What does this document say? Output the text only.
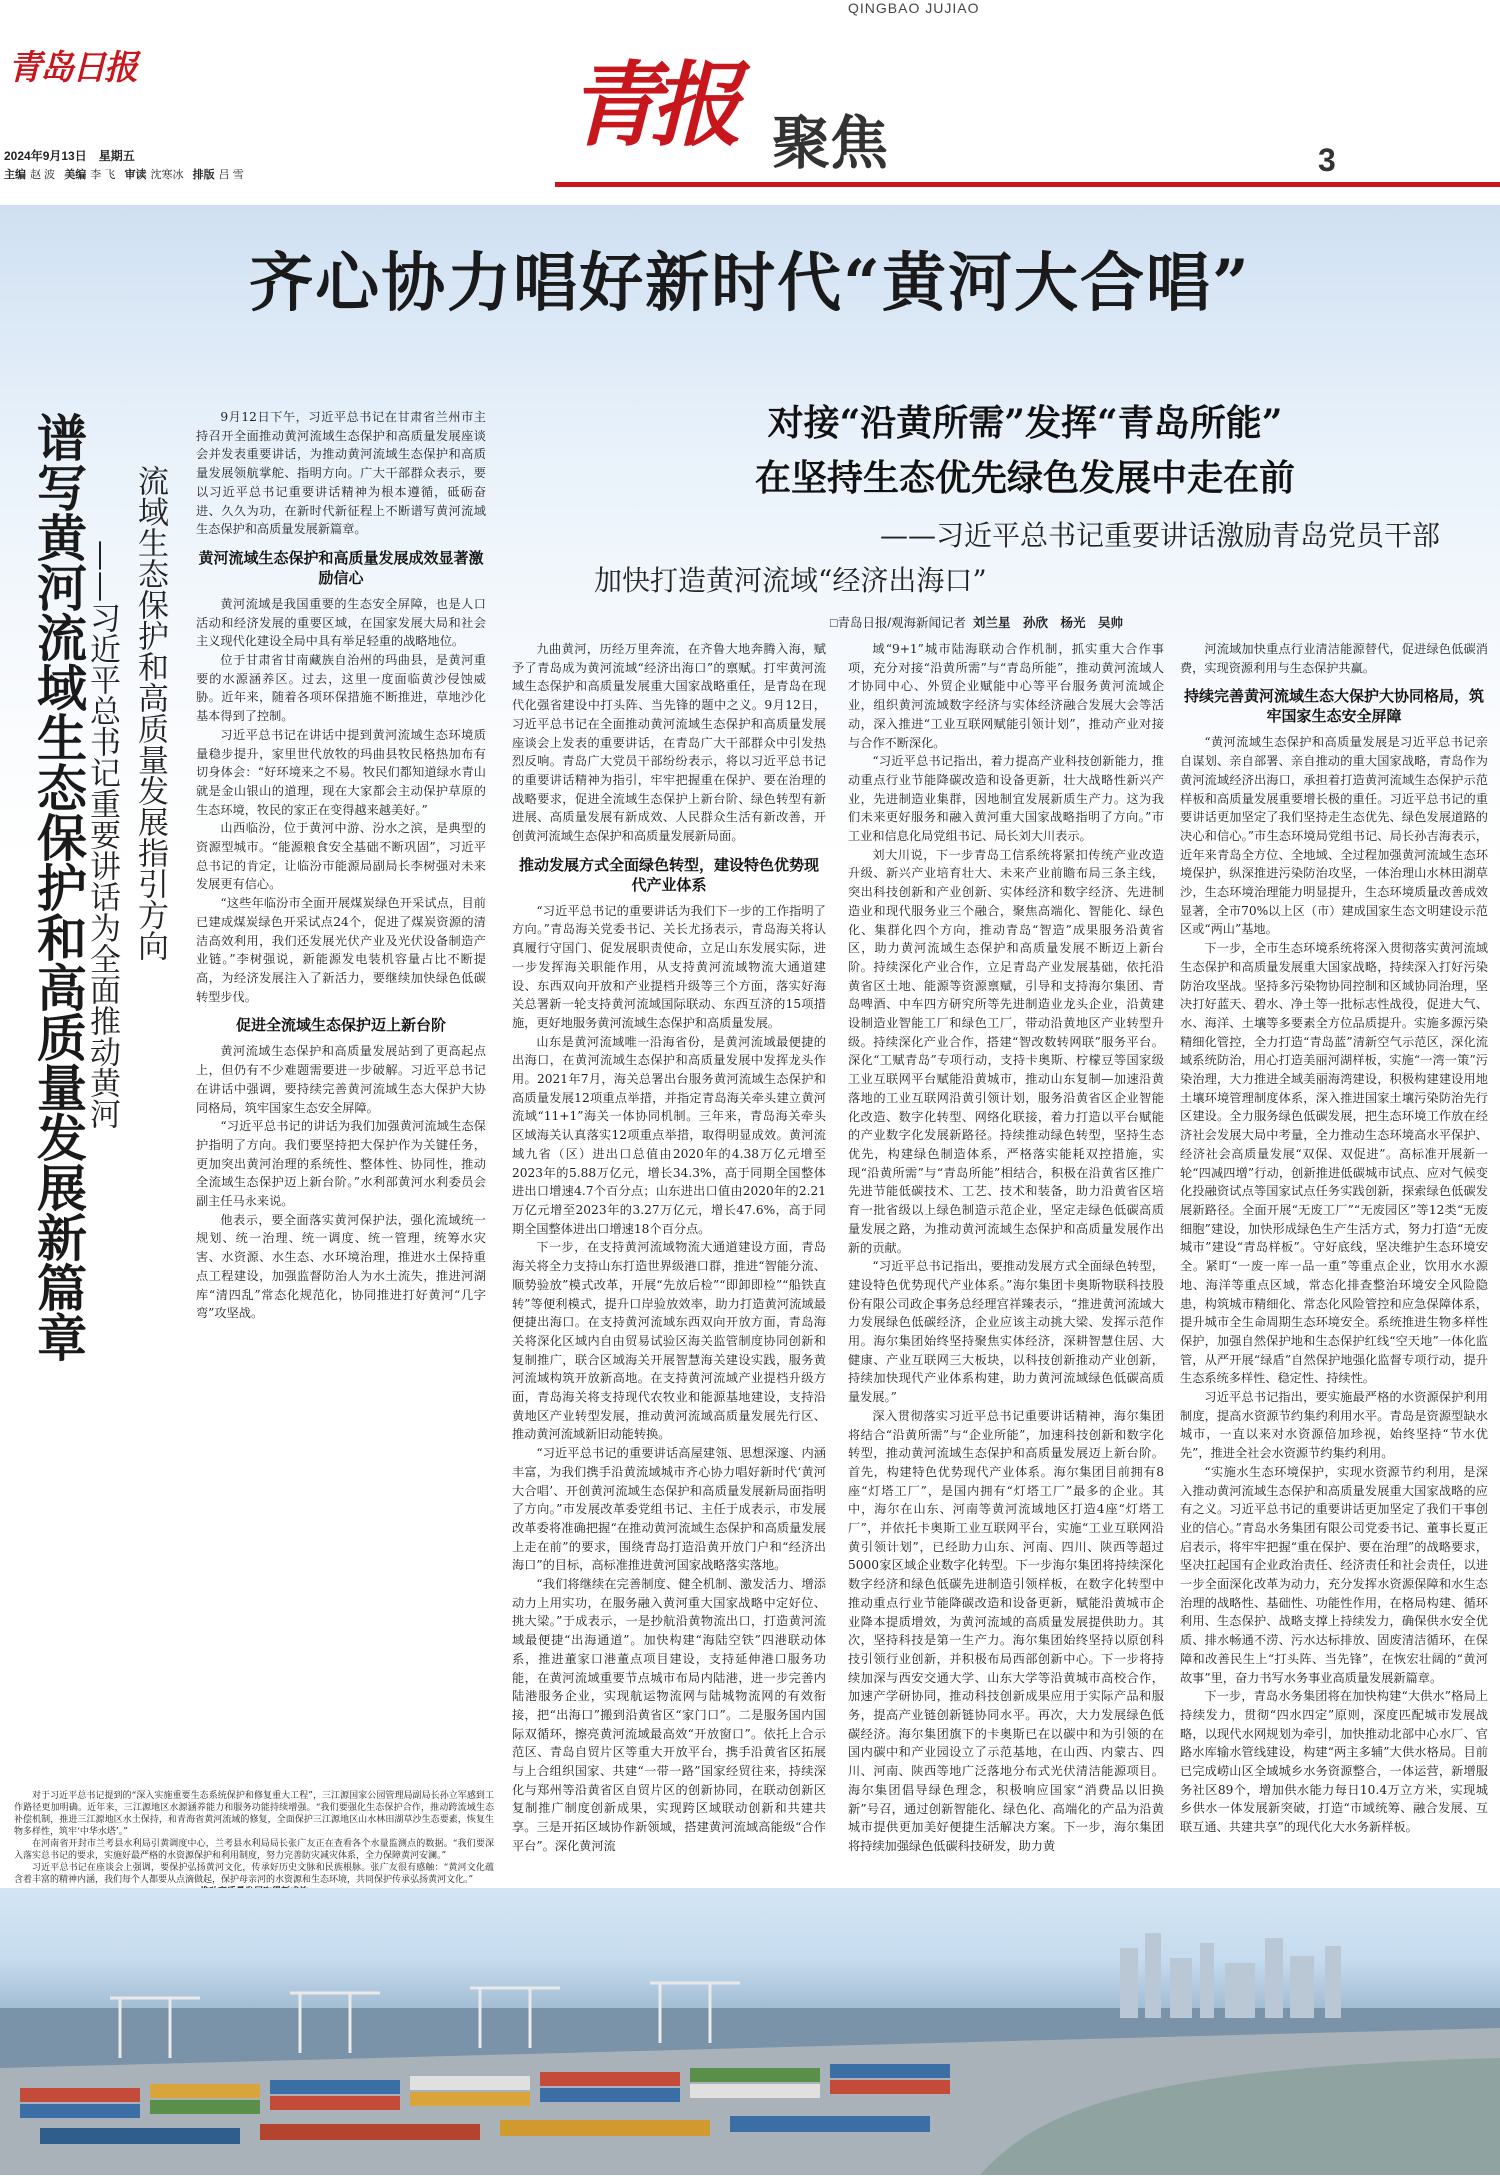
QINGBAO JUJIAO
青岛日报	青报 聚焦	3
2024年9月13日　星期五
主编 赵 波 美编 李 飞 审读 沈寒冰 排版 吕 雪
齐心协力唱好新时代“黄河大合唱”
谱写黄河流域生态保护和高质量发展新篇章 流域生态保护和高质量发展指引方向
——习近平总书记重要讲话为全面推动黄河

9月12日下午，习近平总书记在甘肃省兰州市主持召开全面推动黄河流域生态保护和高质量发展座谈会并发表重要讲话，为推动黄河流域生态保护和高质量发展领航掌舵、指明方向。广大干部群众表示，要以习近平总书记重要讲话精神为根本遵循，砥砺奋进、久久为功，在新时代新征程上不断谱写黄河流域生态保护和高质量发展新篇章。

黄河流域生态保护和高质量发展成效显著激励信心

黄河流域是我国重要的生态安全屏障，也是人口活动和经济发展的重要区域，在国家发展大局和社会主义现代化建设全局中具有举足轻重的战略地位。

位于甘肃省甘南藏族自治州的玛曲县，是黄河重要的水源涵养区。过去，这里一度面临黄沙侵蚀威胁。近年来，随着各项环保措施不断推进，草地沙化基本得到了控制。

习近平总书记在讲话中提到黄河流域生态环境质量稳步提升，家里世代放牧的玛曲县牧民格热加布有切身体会：“好环境来之不易。牧民们都知道绿水青山就是金山银山的道理，现在大家都会主动保护草原的生态环境，牧民的家正在变得越来越美好。”

山西临汾，位于黄河中游、汾水之滨，是典型的资源型城市。“能源粮食安全基础不断巩固”，习近平总书记的肯定，让临汾市能源局副局长李树强对未来发展更有信心。

“这些年临汾市全面开展煤炭绿色开采试点，目前已建成煤炭绿色开采试点24个，促进了煤炭资源的清洁高效利用，我们还发展光伏产业及光伏设备制造产业链。”李树强说，新能源发电装机容量占比不断提高，为经济发展注入了新活力，要继续加快绿色低碳转型步伐。

促进全流域生态保护迈上新台阶

黄河流域生态保护和高质量发展站到了更高起点上，但仍有不少难题需要进一步破解。习近平总书记在讲话中强调，要持续完善黄河流域生态大保护大协同格局，筑牢国家生态安全屏障。

“习近平总书记的讲话为我们加强黄河流域生态保护指明了方向。我们要坚持把大保护作为关键任务，更加突出黄河治理的系统性、整体性、协同性，推动全流域生态保护迈上新台阶。”水利部黄河水利委员会副主任马永来说。

他表示，要全面落实黄河保护法，强化流域统一规划、统一治理、统一调度、统一管理，统筹水灾害、水资源、水生态、水环境治理，推进水土保持重点工程建设，加强监督防治人为水土流失，推进河湖库“清四乱”常态化规范化，协同推进打好黄河“几字弯”攻坚战。

对于习近平总书记提到的“深入实施重要生态系统保护和修复重大工程”，三江源国家公园管理局副局长孙立军感到工作路径更加明确。近年来，三江源地区水源涵养能力和服务功能持续增强。“我们要强化生态保护合作，推动跨流域生态补偿机制，推进三江源地区水土保持，和青海省黄河流域的修复，全面保护三江源地区山水林田湖草沙生态要素，恢复生物多样性，筑牢‘中华水塔’。”

在河南省开封市兰考县水利局引黄调度中心，兰考县水利局局长张广友正在查看各个水量监测点的数据。“我们要深入落实总书记的要求，实施好最严格的水资源保护和利用制度，努力完善防灾减灾体系，全力保障黄河安澜。”

习近平总书记在座谈会上强调，要保护弘扬黄河文化，传承好历史文脉和民族根脉。张广友很有感触：“黄河文化蕴含着丰富的精神内涵，我们每个人都要从点滴做起，保护母亲河的水资源和生态环境，共同保护传承弘扬黄河文化。”

对接“沿黄所需”发挥“青岛所能”
在坚持生态优先绿色发展中走在前
——习近平总书记重要讲话激励青岛党员干部
加快打造黄河流域“经济出海口”
□青岛日报/观海新闻记者 刘兰星　孙欣　杨光　吴帅

九曲黄河，历经万里奔流，在齐鲁大地奔腾入海，赋予了青岛成为黄河流域“经济出海口”的禀赋。打牢黄河流域生态保护和高质量发展重大国家战略重任，是青岛在现代化强省建设中打头阵、当先锋的题中之义。9月12日，习近平总书记在全面推动黄河流域生态保护和高质量发展座谈会上发表的重要讲话，在青岛广大干部群众中引发热烈反响。青岛广大党员干部纷纷表示，将以习近平总书记的重要讲话精神为指引，牢牢把握重在保护、要在治理的战略要求，促进全流域生态保护上新台阶、绿色转型有新进展、高质量发展有新成效、人民群众生活有新改善，开创黄河流域生态保护和高质量发展新局面。

推动发展方式全面绿色转型，建设特色优势现代产业体系

“习近平总书记的重要讲话为我们下一步的工作指明了方向。”青岛海关党委书记、关长尤扬表示，青岛海关将认真履行守国门、促发展职责使命，立足山东发展实际，进一步发挥海关职能作用，从支持黄河流域物流大通道建设、东西双向开放和产业提档升级等三个方面，落实好海关总署新一轮支持黄河流域国际联动、东西互济的15项措施，更好地服务黄河流域生态保护和高质量发展。

山东是黄河流域唯一沿海省份，是黄河流域最便捷的出海口，在黄河流域生态保护和高质量发展中发挥龙头作用。2021年7月，海关总署出台服务黄河流域生态保护和高质量发展12项重点举措，并指定青岛海关牵头建立黄河流域“11+1”海关一体协同机制。三年来，青岛海关牵头区域海关认真落实12项重点举措，取得明显成效。黄河流域九省（区）进出口总值由2020年的4.38万亿元增至2023年的5.88万亿元，增长34.3%，高于同期全国整体进出口增速4.7个百分点；山东进出口值由2020年的2.21万亿元增至2023年的3.27万亿元，增长47.6%，高于同期全国整体进出口增速18个百分点。

下一步，在支持黄河流域物流大通道建设方面，青岛海关将全力支持山东打造世界级港口群，推进“智能分流、顺势验放”模式改革，开展“先放后检”“即卸即检”“船铁直转”等便利模式，提升口岸验放效率，助力打造黄河流域最便捷出海口。在支持黄河流域东西双向开放方面，青岛海关将深化区域内自由贸易试验区海关监管制度协同创新和复制推广，联合区域海关开展智慧海关建设实践，服务黄河流域构筑开放新高地。在支持黄河流域产业提档升级方面，青岛海关将支持现代农牧业和能源基地建设，支持沿黄地区产业转型发展，推动黄河流域高质量发展先行区、推动黄河流域新旧动能转换。

“习近平总书记的重要讲话高屋建瓴、思想深邃、内涵丰富，为我们携手沿黄流域城市齐心协力唱好新时代‘黄河大合唱’、开创黄河流域生态保护和高质量发展新局面指明了方向。”市发展改革委党组书记、主任于成表示，市发展改革委将准确把握“在推动黄河流域生态保护和高质量发展上走在前”的要求，围绕青岛打造沿黄开放门户和“经济出海口”的目标，高标准推进黄河国家战略落实落地。

“我们将继续在完善制度、健全机制、激发活力、增添动力上用实功，在服务融入黄河重大国家战略中定好位、挑大梁。”于成表示，一是抄航沿黄物流出口，打造黄河流域最便捷“出海通道”。加快构建“海陆空铁”四港联动体系，推进董家口港董点项目建设，支持延伸港口服务功能，在黄河流域重要节点城市布局内陆港，进一步完善内陆港服务企业，实现航运物流网与陆城物流网的有效衔接，把“出海口”搬到沿黄省区“家门口”。二是服务国内国际双循环，擦亮黄河流域最高效“开放窗口”。依托上合示范区、青岛自贸片区等重大开放平台，携手沿黄省区拓展与上合组织国家、共建“一带一路”国家经贸往来，持续深化与郑州等沿黄省区自贸片区的创新协同，在联动创新区复制推广制度创新成果，实现跨区域联动创新和共建共享。三是开拓区域协作新领域，搭建黄河流域高能级“合作平台”。深化黄河流

域“9+1”城市陆海联动合作机制，抓实重大合作事项，充分对接“沿黄所需”与“青岛所能”，推动黄河流域人才协同中心、外贸企业赋能中心等平台服务黄河流域企业，组织黄河流域数字经济与实体经济融合发展大会等活动，深入推进“工业互联网赋能引领计划”，推动产业对接与合作不断深化。

“习近平总书记指出，着力提高产业科技创新能力，推动重点行业节能降碳改造和设备更新，壮大战略性新兴产业，先进制造业集群，因地制宜发展新质生产力。这为我们未来更好服务和融入黄河重大国家战略指明了方向。”市工业和信息化局党组书记、局长刘大川表示。

刘大川说，下一步青岛工信系统将紧扣传统产业改造升级、新兴产业培育壮大、未来产业前瞻布局三条主线，突出科技创新和产业创新、实体经济和数字经济、先进制造业和现代服务业三个融合，聚焦高端化、智能化、绿色化、集群化四个方向，推动青岛“智造”成果服务沿黄省区，助力黄河流域生态保护和高质量发展不断迈上新台阶。持续深化产业合作，立足青岛产业发展基础，依托沿黄省区土地、能源等资源禀赋，引导和支持海尔集团、青岛啤酒、中车四方研究所等先进制造业龙头企业，沿黄建设制造业智能工厂和绿色工厂，带动沿黄地区产业转型升级。持续深化产业合作，搭建“智改数转网联”服务平台。深化“工赋青岛”专项行动，支持卡奥斯、柠檬豆等国家级工业互联网平台赋能沿黄城市，推动山东复制—加速沿黄落地的工业互联网沿黄引领计划，服务沿黄省区企业智能化改造、数字化转型、网络化联接，着力打造以平台赋能的产业数字化发展新路径。持续推动绿色转型，坚持生态优先，构建绿色制造体系，严格落实能耗双控措施，实现“沿黄所需”与“青岛所能”相结合，积极在沿黄省区推广先进节能低碳技术、工艺、技术和装备，助力沿黄省区培育一批省级以上绿色制造示范企业，坚定走绿色低碳高质量发展之路，为推动黄河流域生态保护和高质量发展作出新的贡献。

“习近平总书记指出，要推动发展方式全面绿色转型，建设特色优势现代产业体系。”海尔集团卡奥斯物联科技股份有限公司政企事务总经理宫祥臻表示，“推进黄河流域大力发展绿色低碳经济，企业应该主动挑大梁、发挥示范作用。海尔集团始终坚持聚焦实体经济，深耕智慧住居、大健康、产业互联网三大板块，以科技创新推动产业创新，持续加快现代产业体系构建，助力黄河流域绿色低碳高质量发展。”

深入贯彻落实习近平总书记重要讲话精神，海尔集团将结合“沿黄所需”与“企业所能”，加速科技创新和数字化转型，推动黄河流域生态保护和高质量发展迈上新台阶。首先，构建特色优势现代产业体系。海尔集团目前拥有8座“灯塔工厂”，是国内拥有“灯塔工厂”最多的企业。其中，海尔在山东、河南等黄河流域地区打造4座“灯塔工厂”，并依托卡奥斯工业互联网平台，实施“工业互联网沿黄引领计划”，已经助力山东、河南、四川、陕西等超过5000家区域企业数字化转型。下一步海尔集团将持续深化数字经济和绿色低碳先进制造引领样板，在数字化转型中推动重点行业节能降碳改造和设备更新，赋能沿黄城市企业降本提质增效，为黄河流域的高质量发展提供助力。其次，坚持科技是第一生产力。海尔集团始终坚持以原创科技引领行业创新，并积极布局西部创新中心。下一步将持续加深与西安交通大学、山东大学等沿黄城市高校合作，加速产学研协同，推动科技创新成果应用于实际产品和服务，提高产业链创新链协同水平。再次，大力发展绿色低碳经济。海尔集团旗下的卡奥斯已在以碳中和为引领的在国内碳中和产业园设立了示范基地，在山西、内蒙古、四川、河南、陕西等地广泛落地分布式光伏清洁能源项目。海尔集团倡导绿色理念，积极响应国家“消费品以旧换新”号召，通过创新智能化、绿色化、高端化的产品为沿黄城市提供更加美好便捷生活解决方案。下一步，海尔集团将持续加强绿色低碳科技研发，助力黄

河流域加快重点行业清洁能源替代，促进绿色低碳消费，实现资源利用与生态保护共赢。

持续完善黄河流域生态大保护大协同格局，筑牢国家生态安全屏障

“黄河流域生态保护和高质量发展是习近平总书记亲自谋划、亲自部署、亲自推动的重大国家战略，青岛作为黄河流域经济出海口，承担着打造黄河流域生态保护示范样板和高质量发展重要增长极的重任。习近平总书记的重要讲话更加坚定了我们坚持走生态优先、绿色发展道路的决心和信心。”市生态环境局党组书记、局长孙吉海表示，近年来青岛全方位、全地域、全过程加强黄河流域生态环境保护，纵深推进污染防治攻坚，一体治理山水林田湖草沙，生态环境治理能力明显提升，生态环境质量改善成效显著，全市70%以上区（市）建成国家生态文明建设示范区或“两山”基地。

下一步，全市生态环境系统将深入贯彻落实黄河流域生态保护和高质量发展重大国家战略，持续深入打好污染防治攻坚战。坚持多污染物协同控制和区域协同治理，坚决打好蓝天、碧水、净土等一批标志性战役，促进大气、水、海洋、土壤等多要素全方位品质提升。实施多源污染精细化管控，全力打造“青岛蓝”清新空气示范区，深化流域系统防治，用心打造美丽河湖样板，实施“一湾一策”污染治理，大力推进全域美丽海湾建设，积极构建建设用地土壤环境管理制度体系，深入推进国家土壤污染防治先行区建设。全力服务绿色低碳发展，把生态环境工作放在经济社会发展大局中考量，全力推动生态环境高水平保护、经济社会高质量发展“双保、双促进”。高标准开展新一轮“四减四增”行动，创新推进低碳城市试点、应对气候变化投融资试点等国家试点任务实践创新，探索绿色低碳发展新路径。全面开展“无废工厂”“无废园区”等12类“无废细胞”建设，加快形成绿色生产生活方式，努力打造“无废城市”建设“青岛样板”。守好底线，坚决维护生态环境安全。紧盯“一废一库一品一重”等重点企业，饮用水水源地、海洋等重点区域，常态化排查整治环境安全风险隐患，构筑城市精细化、常态化风险管控和应急保障体系，提升城市全生命周期生态环境安全。系统推进生物多样性保护，加强自然保护地和生态保护红线“空天地”一体化监管，从严开展“绿盾”自然保护地强化监督专项行动，提升生态系统多样性、稳定性、持续性。

习近平总书记指出，要实施最严格的水资源保护利用制度，提高水资源节约集约利用水平。青岛是资源型缺水城市，一直以来对水资源倍加珍视，始终坚持“节水优先”，推进全社会水资源节约集约利用。

“实施水生态环境保护，实现水资源节约利用，是深入推动黄河流域生态保护和高质量发展重大国家战略的应有之义。习近平总书记的重要讲话更加坚定了我们干事创业的信心。”青岛水务集团有限公司党委书记、董事长夏正启表示，将牢牢把握“重在保护、要在治理”的战略要求，坚决扛起国有企业政治责任、经济责任和社会责任，以进一步全面深化改革为动力，充分发挥水资源保障和水生态治理的战略性、基础性、功能性作用，在格局构建、循环利用、生态保护、战略支撑上持续发力，确保供水安全优质、排水畅通不涝、污水达标排放、固废清洁循环，在保障和改善民生上“打头阵、当先锋”，在恢宏壮阔的“黄河故事”里，奋力书写水务事业高质量发展新篇章。

下一步，青岛水务集团将在加快构建“大供水”格局上持续发力，贯彻“四水四定”原则，深度匹配城市发展战略，以现代水网规划为牵引，加快推动北部中心水厂、官路水库输水管线建设，构建“两主多辅”大供水格局。目前已完成崂山区全域城乡水务资源整合，一体运营，新增服务社区89个，增加供水能力每日10.4万立方米，实现城乡供水一体发展新突破，打造“市域统筹、融合发展、互联互通、共建共享”的现代化大水务新样板。
